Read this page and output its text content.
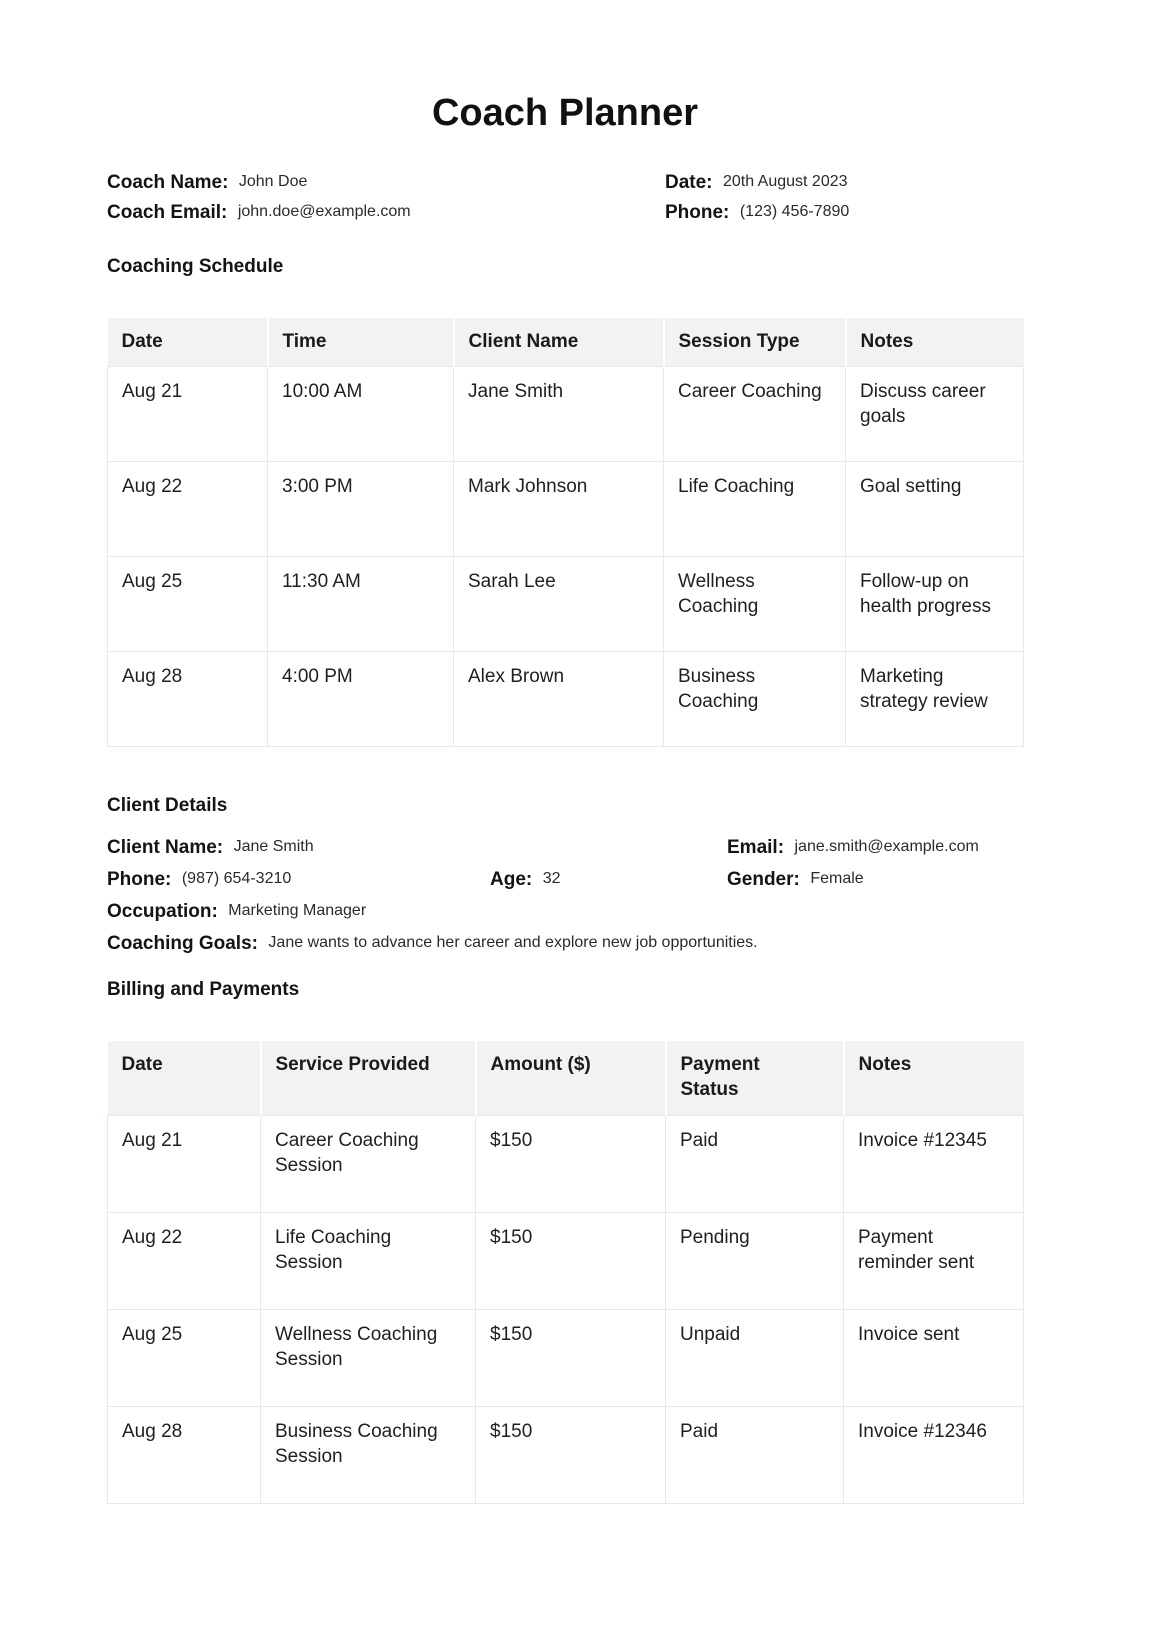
Coach Planner
Coach Name: John Doe	Date: 20th August 2023
Coach Email: john.doe@example.com	Phone: (123) 456-7890
Coaching Schedule
Date	Time	Client Name	Session Type	Notes
Aug 21	10:00 AM	Jane Smith	Career Coaching	Discuss career goals
Aug 22	3:00 PM	Mark Johnson	Life Coaching	Goal setting
Aug 25	11:30 AM	Sarah Lee	Wellness Coaching	Follow-up on health progress
Aug 28	4:00 PM	Alex Brown	Business Coaching	Marketing strategy review
Client Details
Client Name: Jane Smith	Email: jane.smith@example.com
Phone: (987) 654-3210	Age: 32	Gender: Female
Occupation: Marketing Manager
Coaching Goals: Jane wants to advance her career and explore new job opportunities.
Billing and Payments
Date	Service Provided	Amount ($)	Payment Status	Notes
Aug 21	Career Coaching Session	$150	Paid	Invoice #12345
Aug 22	Life Coaching Session	$150	Pending	Payment reminder sent
Aug 25	Wellness Coaching Session	$150	Unpaid	Invoice sent
Aug 28	Business Coaching Session	$150	Paid	Invoice #12346
